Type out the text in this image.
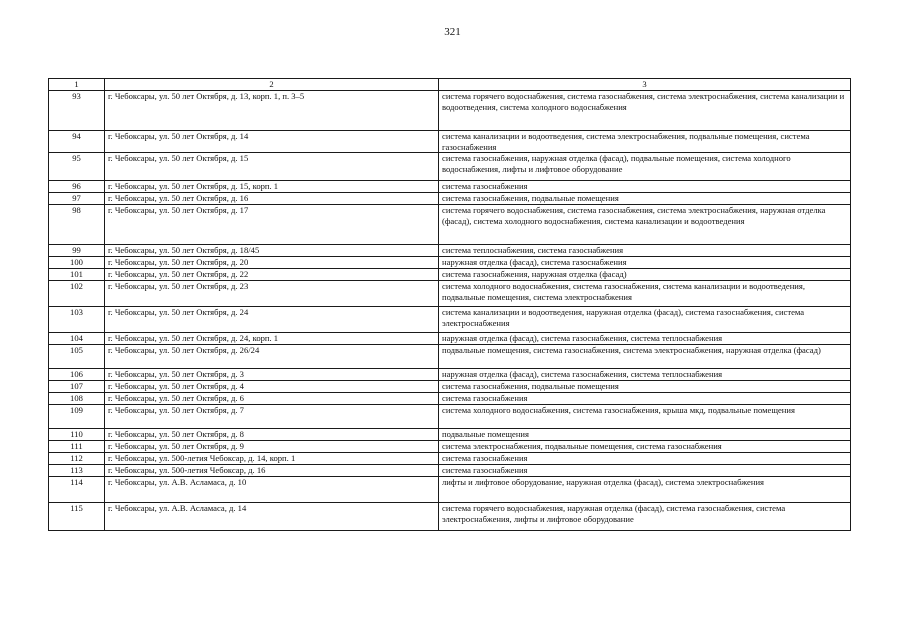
321
1	2	3
93	г. Чебоксары, ул. 50 лет Октября, д. 13, корп. 1, п. 3–5	система горячего водоснабжения, система газоснабжения, система электроснабжения, система канализации и водоотведения, система холодного водоснабжения
94	г. Чебоксары, ул. 50 лет Октября, д. 14	система канализации и водоотведения, система электроснабжения, подвальные помещения, система газоснабжения
95	г. Чебоксары, ул. 50 лет Октября, д. 15	система газоснабжения, наружная отделка (фасад), подвальные помещения, система холодного водоснабжения, лифты и лифтовое оборудование
96	г. Чебоксары, ул. 50 лет Октября, д. 15, корп. 1	система газоснабжения
97	г. Чебоксары, ул. 50 лет Октября, д. 16	система газоснабжения, подвальные помещения
98	г. Чебоксары, ул. 50 лет Октября, д. 17	система горячего водоснабжения, система газоснабжения, система электроснабжения, наружная отделка (фасад), система холодного водоснабжения, система канализации и водоотведения
99	г. Чебоксары, ул. 50 лет Октября, д. 18/45	система теплоснабжения, система газоснабжения
100	г. Чебоксары, ул. 50 лет Октября, д. 20	наружная отделка (фасад), система газоснабжения
101	г. Чебоксары, ул. 50 лет Октября, д. 22	система газоснабжения, наружная отделка (фасад)
102	г. Чебоксары, ул. 50 лет Октября, д. 23	система холодного водоснабжения, система газоснабжения, система канализации и водоотведения, подвальные помещения, система электроснабжения
103	г. Чебоксары, ул. 50 лет Октября, д. 24	система канализации и водоотведения, наружная отделка (фасад), система газоснабжения, система электроснабжения
104	г. Чебоксары, ул. 50 лет Октября, д. 24, корп. 1	наружная отделка (фасад), система газоснабжения, система теплоснабжения
105	г. Чебоксары, ул. 50 лет Октября, д. 26/24	подвальные помещения, система газоснабжения, система электроснабжения, наружная отделка (фасад)
106	г. Чебоксары, ул. 50 лет Октября, д. 3	наружная отделка (фасад), система газоснабжения, система теплоснабжения
107	г. Чебоксары, ул. 50 лет Октября, д. 4	система газоснабжения, подвальные помещения
108	г. Чебоксары, ул. 50 лет Октября, д. 6	система газоснабжения
109	г. Чебоксары, ул. 50 лет Октября, д. 7	система холодного водоснабжения, система газоснабжения, крыша мкд, подвальные помещения
110	г. Чебоксары, ул. 50 лет Октября, д. 8	подвальные помещения
111	г. Чебоксары, ул. 50 лет Октября, д. 9	система электроснабжения, подвальные помещения, система газоснабжения
112	г. Чебоксары, ул. 500-летия Чебоксар, д. 14, корп. 1	система газоснабжения
113	г. Чебоксары, ул. 500-летия Чебоксар, д. 16	система газоснабжения
114	г. Чебоксары, ул. А.В. Асламаса, д. 10	лифты и лифтовое оборудование, наружная отделка (фасад), система электроснабжения
115	г. Чебоксары, ул. А.В. Асламаса, д. 14	система горячего водоснабжения, наружная отделка (фасад), система газоснабжения, система электроснабжения, лифты и лифтовое оборудование
